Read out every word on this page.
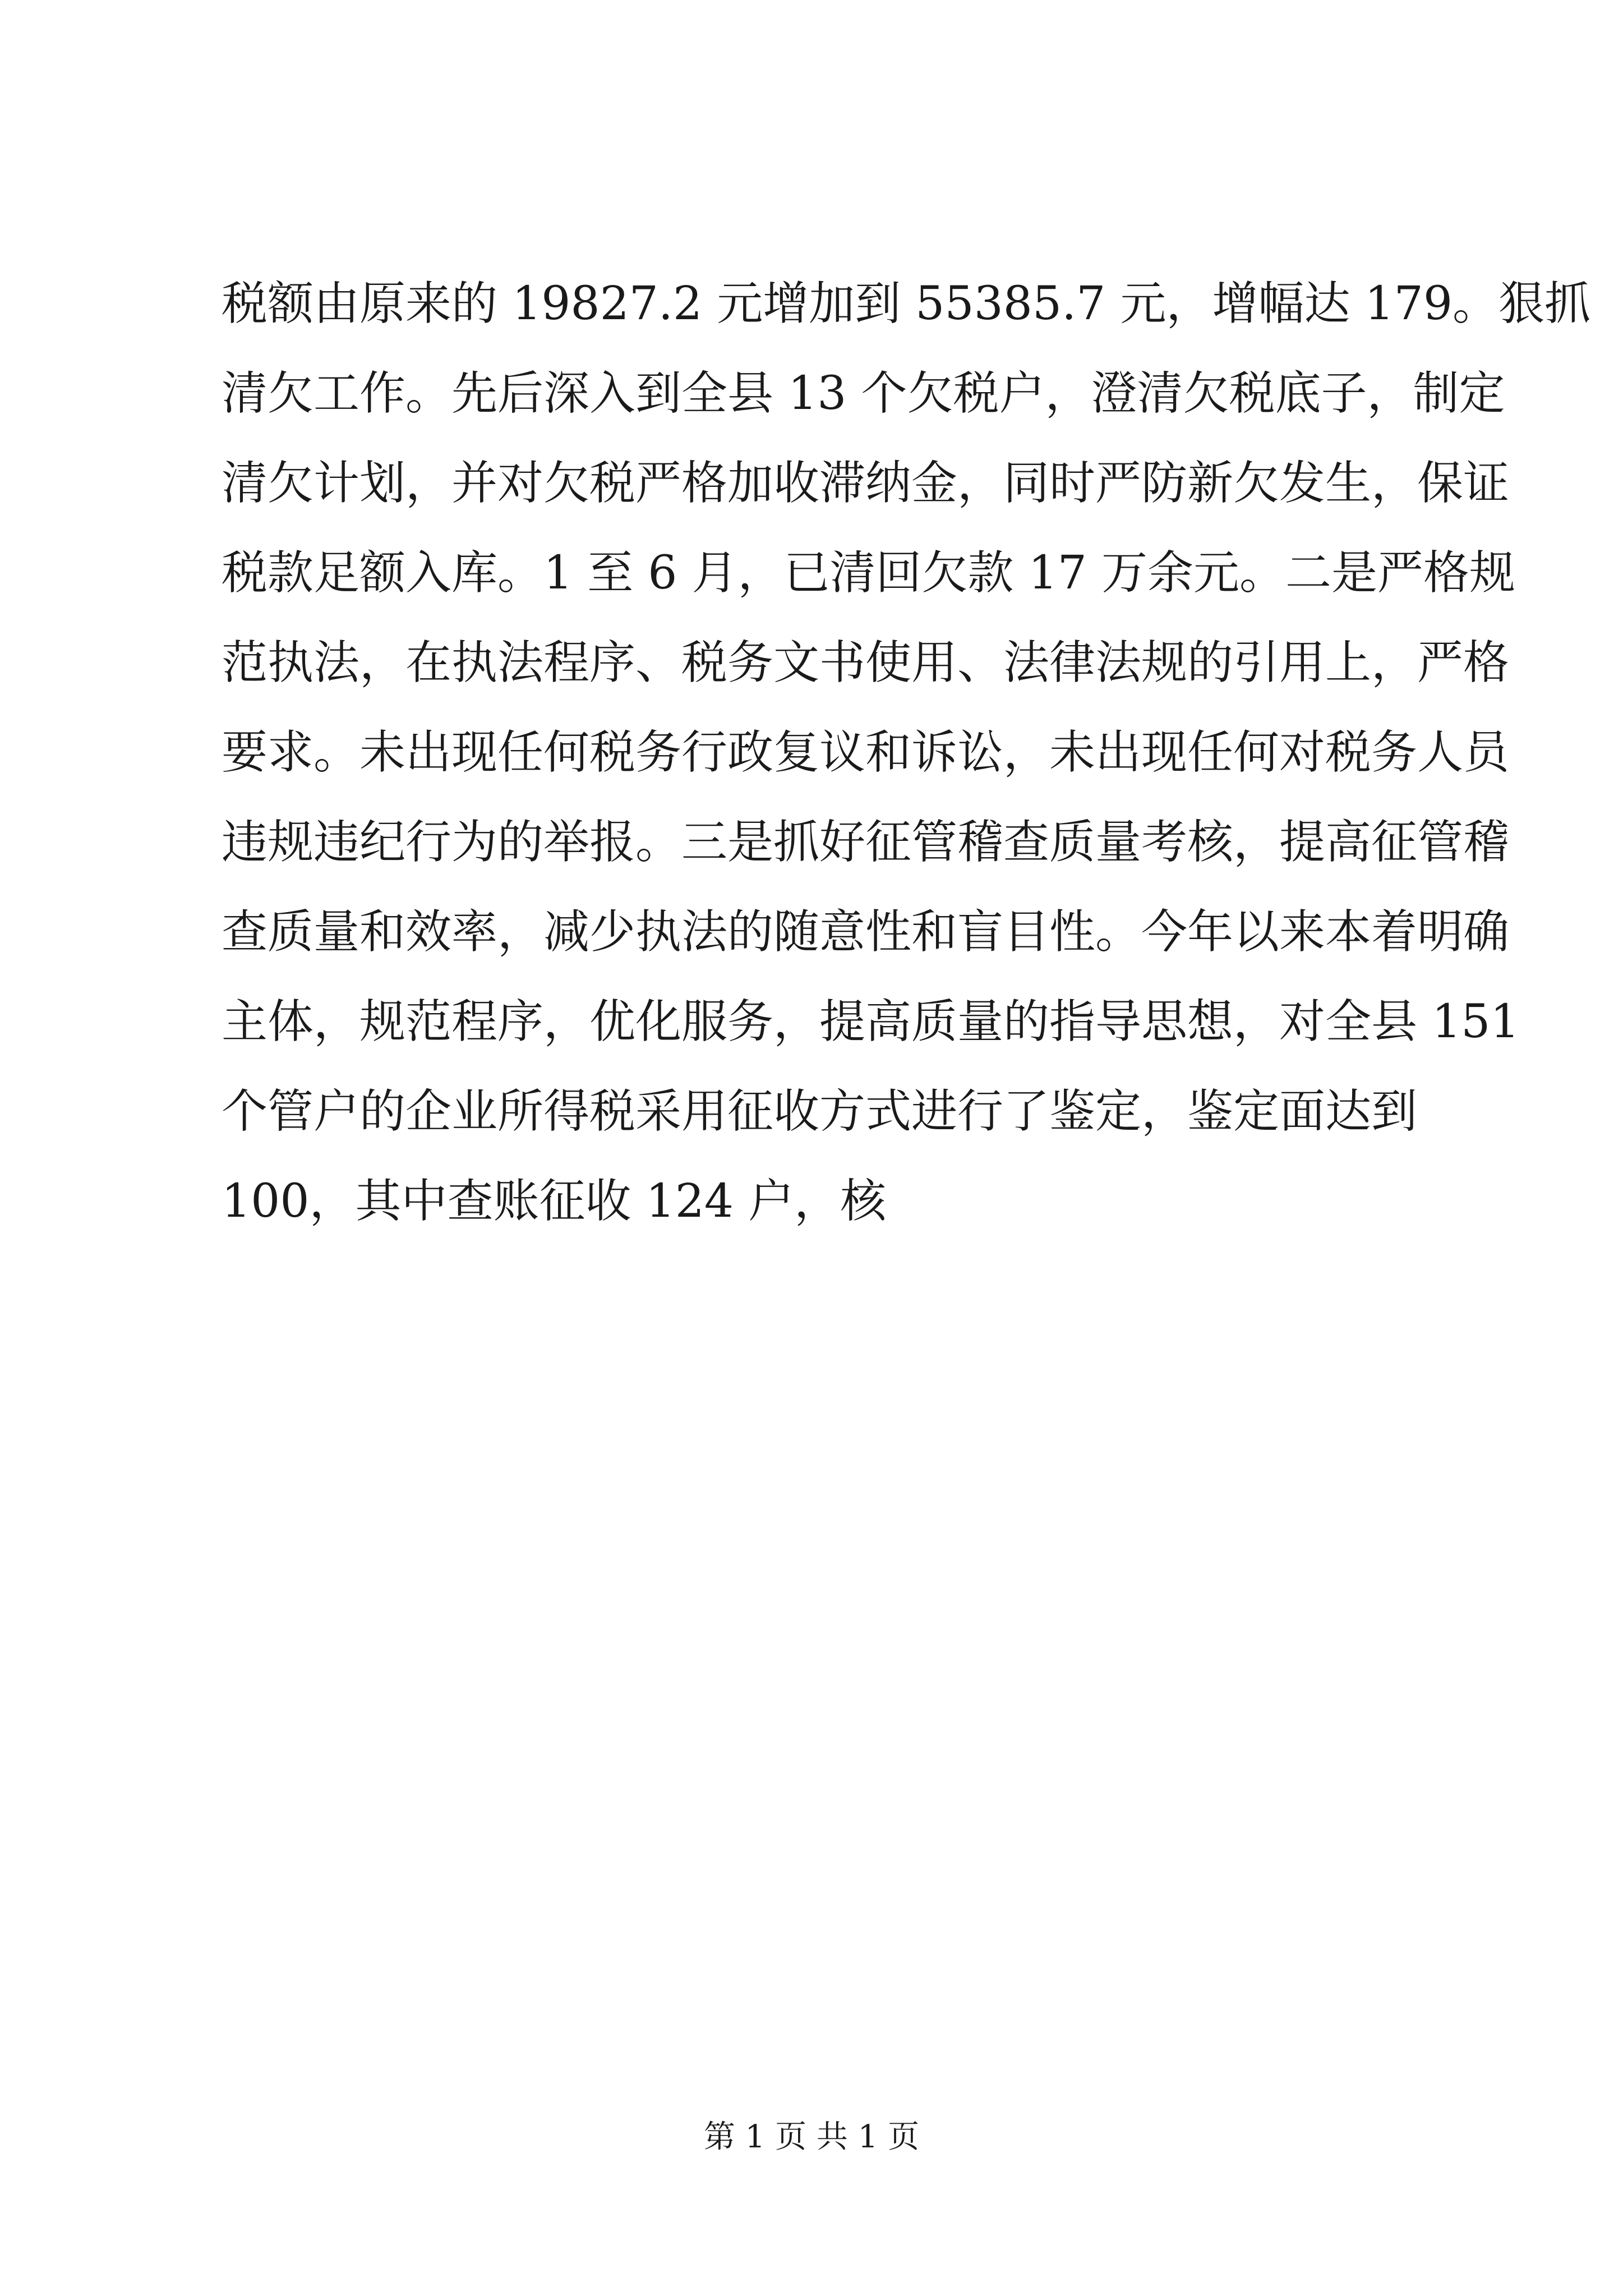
税额由原来的 19827.2 元增加到 55385.7 元，增幅达 179。狠抓
清欠工作。先后深入到全县 13 个欠税户，澄清欠税底子，制定
清欠计划，并对欠税严格加收滞纳金，同时严防新欠发生，保证
税款足额入库。1 至 6 月，已清回欠款 17 万余元。二是严格规
范执法，在执法程序、税务文书使用、法律法规的引用上，严格
要求。未出现任何税务行政复议和诉讼，未出现任何对税务人员
违规违纪行为的举报。三是抓好征管稽查质量考核，提高征管稽
查质量和效率，减少执法的随意性和盲目性。今年以来本着明确
主体，规范程序，优化服务，提高质量的指导思想，对全县 151
个管户的企业所得税采用征收方式进行了鉴定，鉴定面达到
100，其中查账征收 124 户，核
第 1 页 共 1 页
